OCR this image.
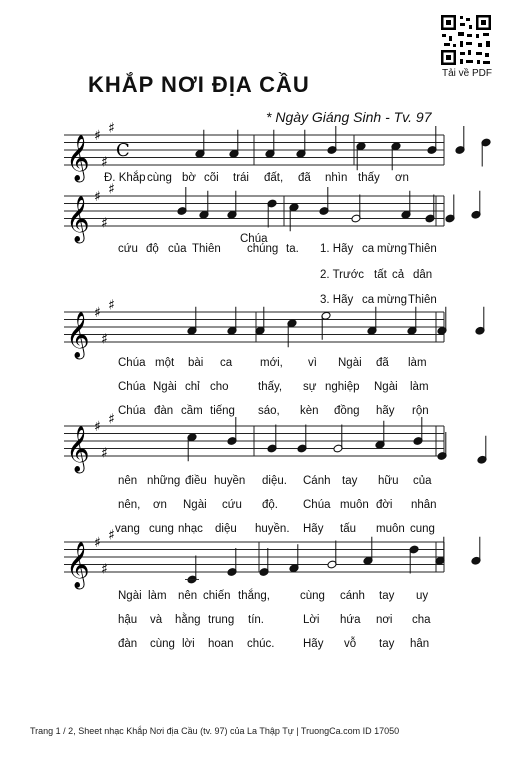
KHẮP NƠI ĐỊA CẦU
* Ngày Giáng Sinh - Tv. 97
Tải về PDF
𝄞 ♯
♯
♯
C
𝄞 ♯
♯
♯
𝄞 ♯
♯
♯
𝄞 ♯
♯
♯
𝄞 ♯
♯
♯
Đ. Khắp cùng bờ cõi trái đất, đã nhìn thấy ơn
Chúa
cứu độ của Thiên chúng ta. 1. Hãy ca mừng Thiên
2. Trước tất cả dân
3. Hãy ca mừng Thiên
Chúa một bài ca mới, vì Ngài đã làm
Chúa Ngài chỉ cho	thấy, sự nghiệp Ngài làm
Chúa đàn cầm tiếng sáo, kèn đồng hãy rộn
nên những điều huyền diệu. Cánh tay hữu của
nên, ơn Ngài cứu độ. Chúa muôn đời nhân
vang cung nhạc diệu huyền. Hãy tấu muôn cung
Ngài làm nên chiến thắng,	cùng cánh tay uy
hậu và hằng trung tín.	Lời hứa nơi cha
đàn cùng lời hoan chúc. Hãy vỗ tay hân
Trang 1 / 2, Sheet nhạc Khắp Nơi địa Cầu (tv. 97) của La Thập Tự | TruongCa.com ID 17050
